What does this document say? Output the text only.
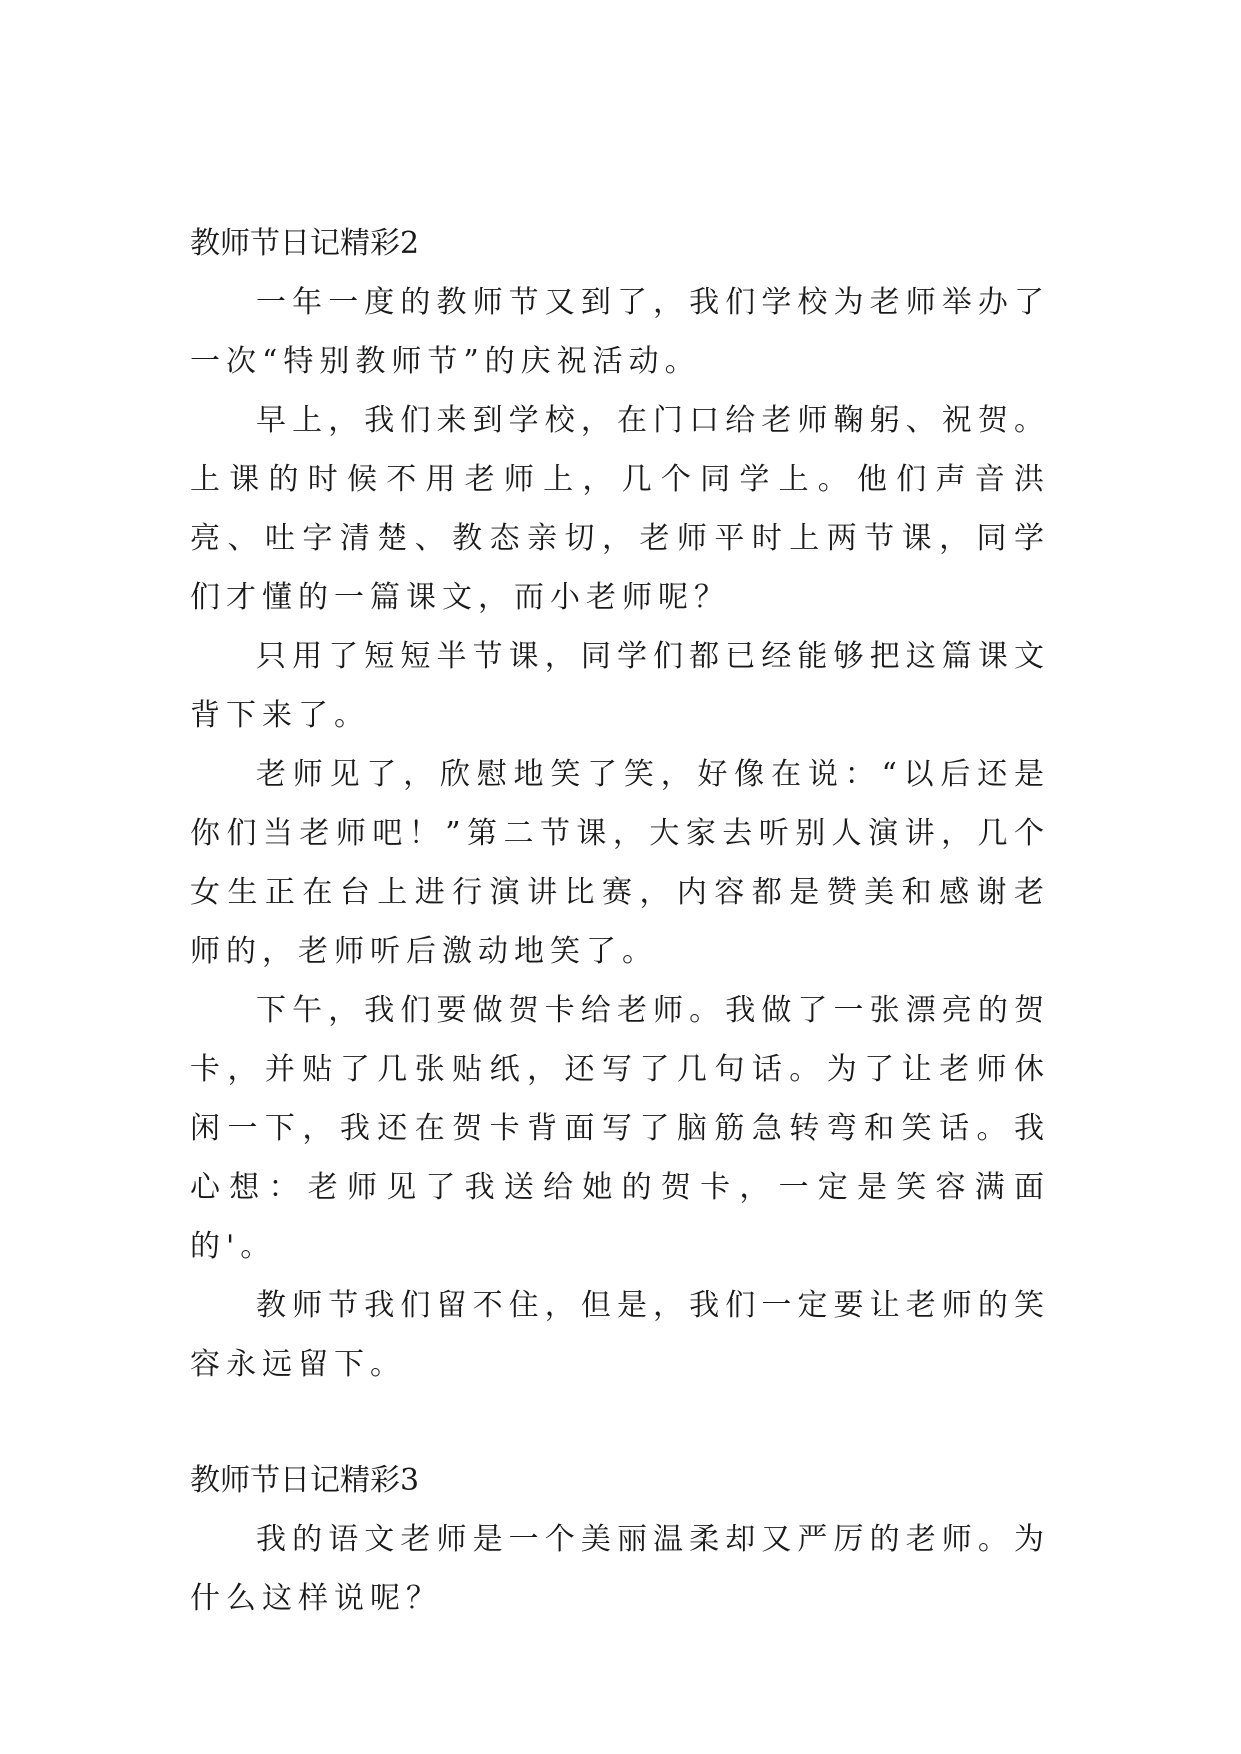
教师节日记精彩2

一年一度的教师节又到了，我们学校为老师举办了一次“特别教师节”的庆祝活动。

早上，我们来到学校，在门口给老师鞠躬、祝贺。上课的时候不用老师上，几个同学上。他们声音洪亮、吐字清楚、教态亲切，老师平时上两节课，同学们才懂的一篇课文，而小老师呢？

只用了短短半节课，同学们都已经能够把这篇课文背下来了。

老师见了，欣慰地笑了笑，好像在说：“以后还是你们当老师吧！”第二节课，大家去听别人演讲，几个女生正在台上进行演讲比赛，内容都是赞美和感谢老师的，老师听后激动地笑了。

下午，我们要做贺卡给老师。我做了一张漂亮的贺卡，并贴了几张贴纸，还写了几句话。为了让老师休闲一下，我还在贺卡背面写了脑筋急转弯和笑话。我心想：老师见了我送给她的贺卡，一定是笑容满面的'。

教师节我们留不住，但是，我们一定要让老师的笑容永远留下。

教师节日记精彩3

我的语文老师是一个美丽温柔却又严厉的老师。为什么这样说呢？
